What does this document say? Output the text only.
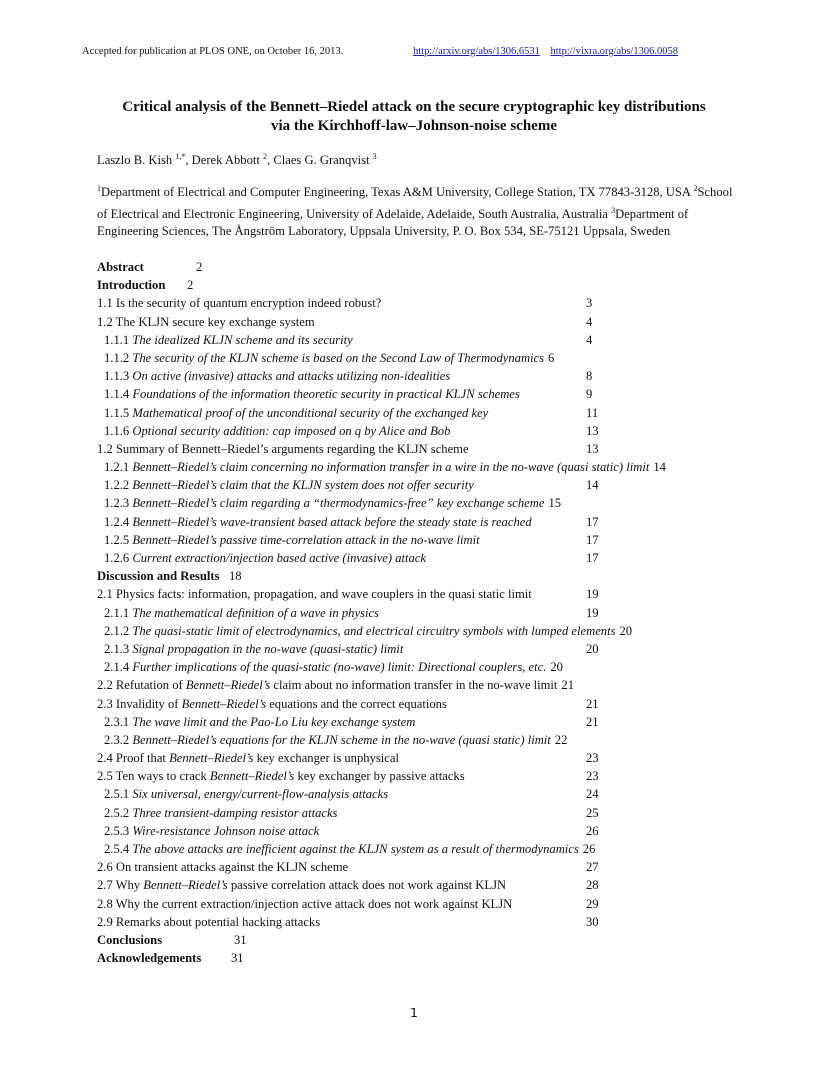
Accepted for publication at PLOS ONE, on October 16, 2013.	http://arxiv.org/abs/1306.6531 http://vixra.org/abs/1306.0058
Critical analysis of the Bennett–Riedel attack on the secure cryptographic key distributions
via the Kirchhoff-law–Johnson-noise scheme
Laszlo B. Kish $^{1,*}$, Derek Abbott $^2$, Claes G. Granqvist $^3$
$^1$Department of Electrical and Computer Engineering, Texas A&M University, College Station, TX 77843-3128, USA $^2$School of Electrical and Electronic Engineering, University of Adelaide, Adelaide, South Australia, Australia $^3$Department of Engineering Sciences, The Ångström Laboratory, Uppsala University, P. O. Box 534, SE-75121 Uppsala, Sweden
Abstract	2
Introduction 2
1.1 Is the security of quantum encryption indeed robust?	3
1.2 The KLJN secure key exchange system	4
1.1.1 The idealized KLJN scheme and its security	4
1.1.2 The security of the KLJN scheme is based on the Second Law of Thermodynamics 6
1.1.3 On active (invasive) attacks and attacks utilizing non-idealities	8
1.1.4 Foundations of the information theoretic security in practical KLJN schemes	9
1.1.5 Mathematical proof of the unconditional security of the exchanged key	11
1.1.6 Optional security addition: cap imposed on q by Alice and Bob	13
1.2 Summary of Bennett–Riedel’s arguments regarding the KLJN scheme	13
1.2.1 Bennett–Riedel’s claim concerning no information transfer in a wire in the no-wave (quasi static) limit 14
1.2.2 Bennett–Riedel’s claim that the KLJN system does not offer security	14
1.2.3 Bennett–Riedel’s claim regarding a “thermodynamics-free” key exchange scheme 15
1.2.4 Bennett–Riedel’s wave-transient based attack before the steady state is reached	17
1.2.5 Bennett–Riedel’s passive time-correlation attack in the no-wave limit	17
1.2.6 Current extraction/injection based active (invasive) attack	17
Discussion and Results 18
2.1 Physics facts: information, propagation, and wave couplers in the quasi static limit	19
2.1.1 The mathematical definition of a wave in physics	19
2.1.2 The quasi-static limit of electrodynamics, and electrical circuitry symbols with lumped elements 20
2.1.3 Signal propagation in the no-wave (quasi-static) limit	20
2.1.4 Further implications of the quasi-static (no-wave) limit: Directional couplers, etc. 20
2.2 Refutation of Bennett–Riedel’s claim about no information transfer in the no-wave limit 21
2.3 Invalidity of Bennett–Riedel’s equations and the correct equations	21
2.3.1 The wave limit and the Pao-Lo Liu key exchange system	21
2.3.2 Bennett–Riedel’s equations for the KLJN scheme in the no-wave (quasi static) limit 22
2.4 Proof that Bennett–Riedel’s key exchanger is unphysical	23
2.5 Ten ways to crack Bennett–Riedel’s key exchanger by passive attacks	23
2.5.1 Six universal, energy/current-flow-analysis attacks	24
2.5.2 Three transient-damping resistor attacks	25
2.5.3 Wire-resistance Johnson noise attack	26
2.5.4 The above attacks are inefficient against the KLJN system as a result of thermodynamics 26
2.6 On transient attacks against the KLJN scheme	27
2.7 Why Bennett–Riedel’s passive correlation attack does not work against KLJN	28
2.8 Why the current extraction/injection active attack does not work against KLJN	29
2.9 Remarks about potential hacking attacks	30
Conclusions	31
Acknowledgements 31
1
